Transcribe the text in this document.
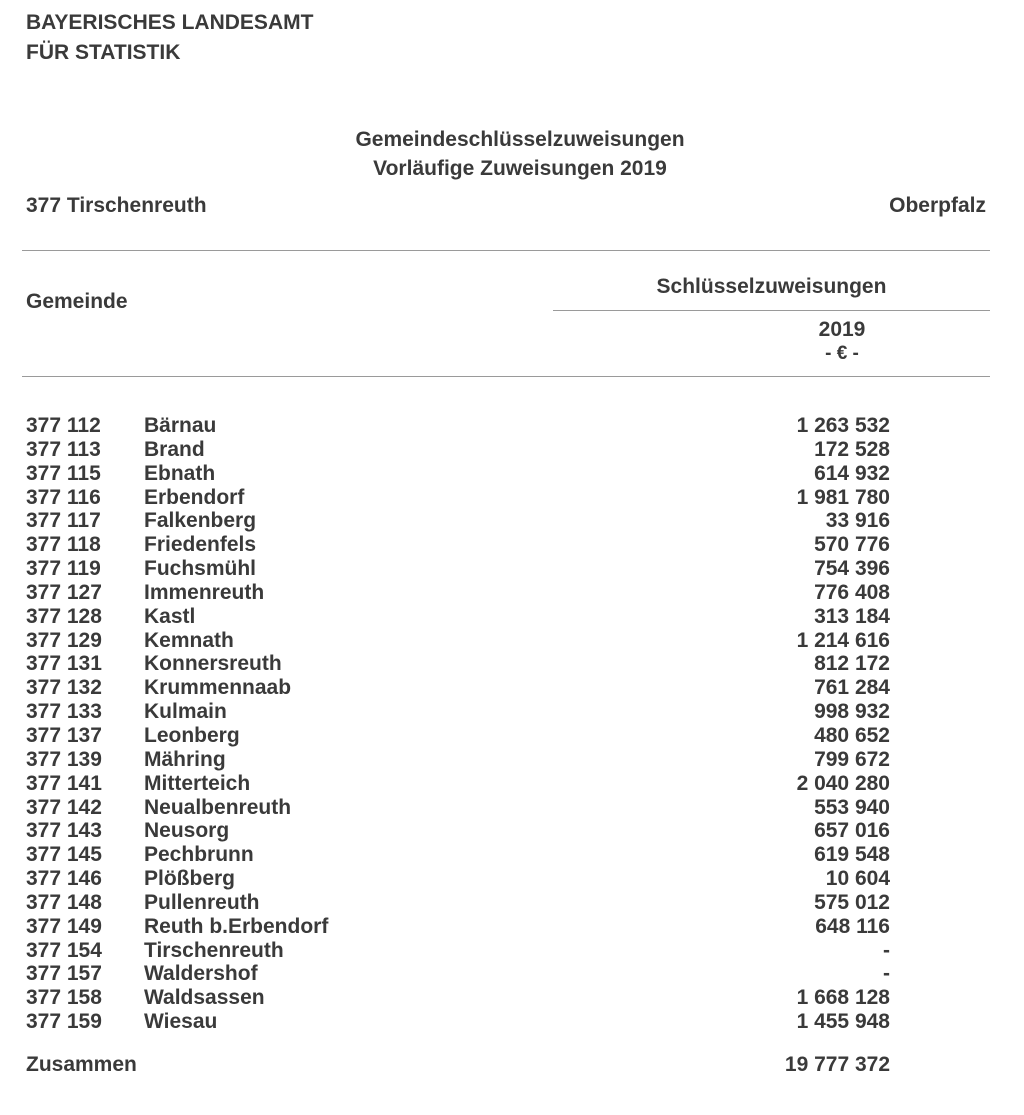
BAYERISCHES LANDESAMT
FÜR STATISTIK
Gemeindeschlüsselzuweisungen
Vorläufige Zuweisungen 2019
377 Tirschenreuth	Oberpfalz
Gemeinde
Schlüsselzuweisungen
2019
- € -
377 112 Bärnau	1 263 532
377 113 Brand	172 528
377 115 Ebnath	614 932
377 116 Erbendorf	1 981 780
377 117 Falkenberg	33 916
377 118 Friedenfels	570 776
377 119 Fuchsmühl	754 396
377 127 Immenreuth	776 408
377 128 Kastl	313 184
377 129 Kemnath	1 214 616
377 131 Konnersreuth	812 172
377 132 Krummennaab	761 284
377 133 Kulmain	998 932
377 137 Leonberg	480 652
377 139 Mähring	799 672
377 141 Mitterteich	2 040 280
377 142 Neualbenreuth	553 940
377 143 Neusorg	657 016
377 145 Pechbrunn	619 548
377 146 Plößberg	10 604
377 148 Pullenreuth	575 012
377 149 Reuth b.Erbendorf	648 116
377 154 Tirschenreuth	-
377 157 Waldershof	-
377 158 Waldsassen	1 668 128
377 159 Wiesau	1 455 948
Zusammen	19 777 372
